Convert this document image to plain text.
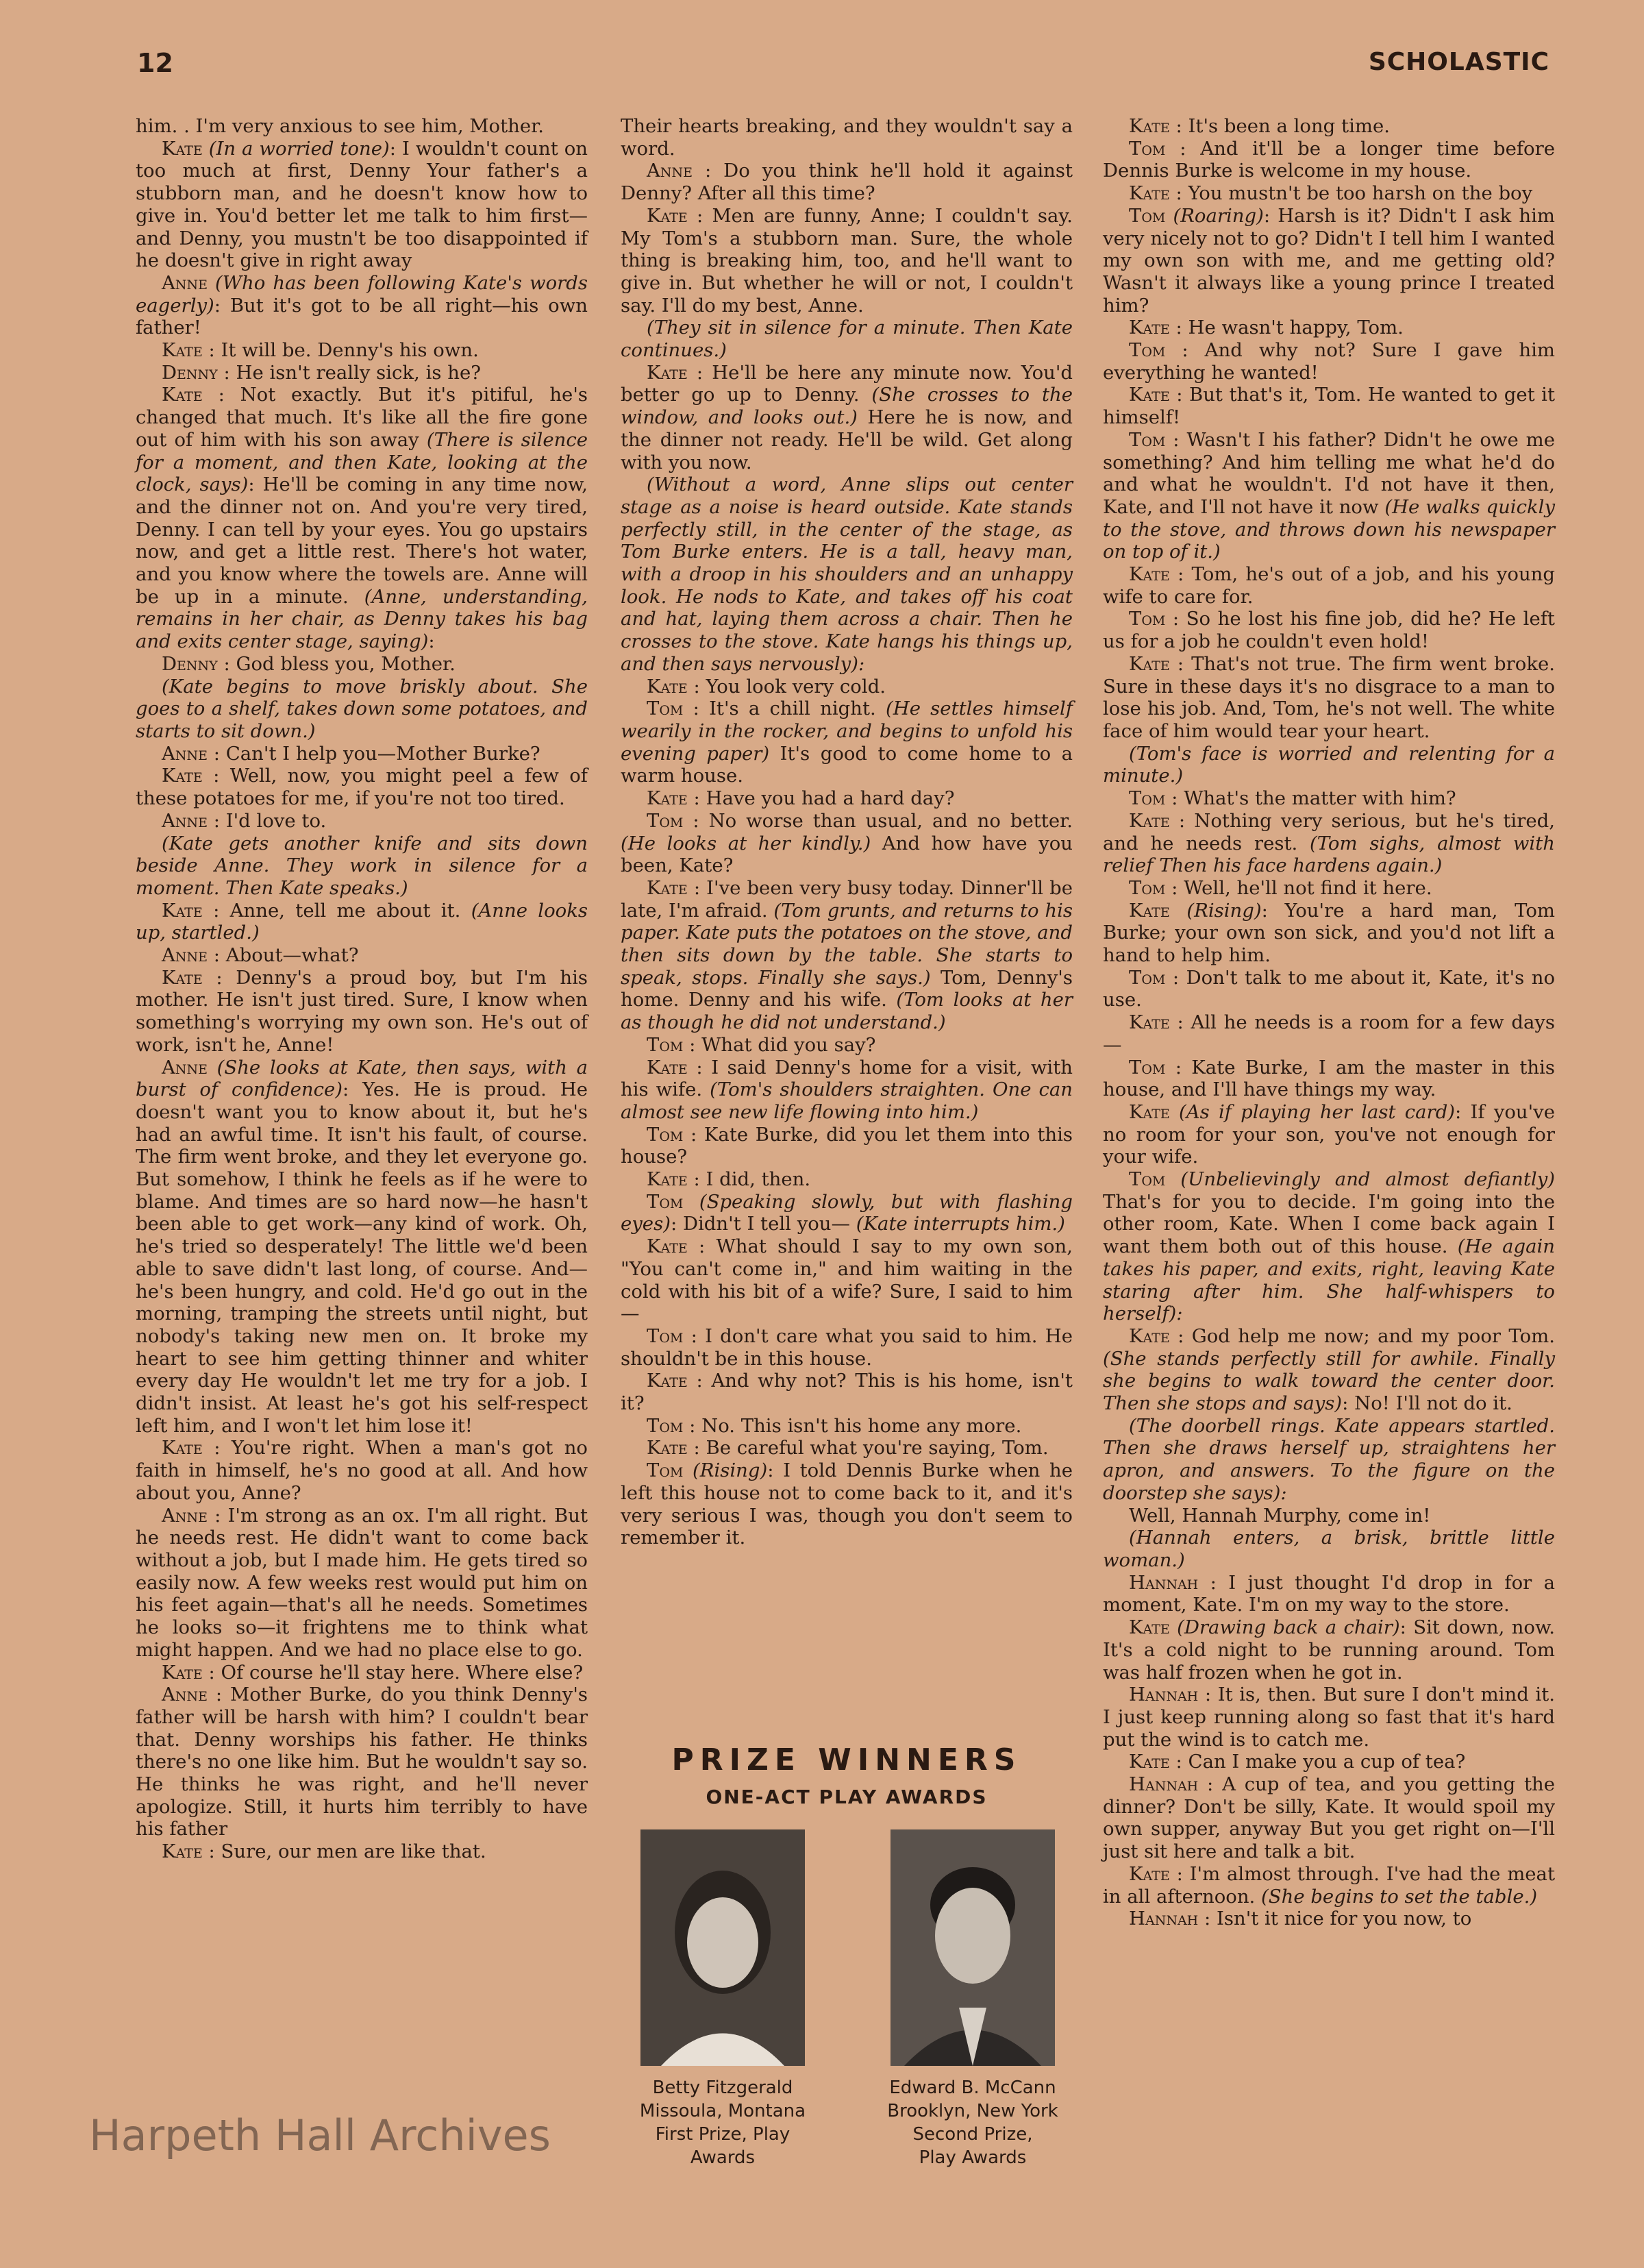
12	SCHOLASTIC

him. . I'm very anxious to see him, Mother.

Kate (In a worried tone): I wouldn't count on too much at first, Denny Your father's a stubborn man, and he doesn't know how to give in. You'd better let me talk to him first—and Denny, you mustn't be too disappointed if he doesn't give in right away

Anne (Who has been following Kate's words eagerly): But it's got to be all right—his own father!

Kate : It will be. Denny's his own.

Denny : He isn't really sick, is he?

Kate : Not exactly. But it's pitiful, he's changed that much. It's like all the fire gone out of him with his son away (There is silence for a moment, and then Kate, looking at the clock, says): He'll be coming in any time now, and the dinner not on. And you're very tired, Denny. I can tell by your eyes. You go upstairs now, and get a little rest. There's hot water, and you know where the towels are. Anne will be up in a minute. (Anne, understanding, remains in her chair, as Denny takes his bag and exits center stage, saying):

Denny : God bless you, Mother.

(Kate begins to move briskly about. She goes to a shelf, takes down some potatoes, and starts to sit down.)

Anne : Can't I help you—Mother Burke?

Kate : Well, now, you might peel a few of these potatoes for me, if you're not too tired.

Anne : I'd love to.

(Kate gets another knife and sits down beside Anne. They work in silence for a moment. Then Kate speaks.)

Kate : Anne, tell me about it. (Anne looks up, startled.)

Anne : About—what?

Kate : Denny's a proud boy, but I'm his mother. He isn't just tired. Sure, I know when something's worrying my own son. He's out of work, isn't he, Anne!

Anne (She looks at Kate, then says, with a burst of confidence): Yes. He is proud. He doesn't want you to know about it, but he's had an awful time. It isn't his fault, of course. The firm went broke, and they let everyone go. But somehow, I think he feels as if he were to blame. And times are so hard now—he hasn't been able to get work—any kind of work. Oh, he's tried so desperately! The little we'd been able to save didn't last long, of course. And—he's been hungry, and cold. He'd go out in the morning, tramping the streets until night, but nobody's taking new men on. It broke my heart to see him getting thinner and whiter every day He wouldn't let me try for a job. I didn't insist. At least he's got his self-respect left him, and I won't let him lose it!

Kate : You're right. When a man's got no faith in himself, he's no good at all. And how about you, Anne?

Anne : I'm strong as an ox. I'm all right. But he needs rest. He didn't want to come back without a job, but I made him. He gets tired so easily now. A few weeks rest would put him on his feet again—that's all he needs. Sometimes he looks so—it frightens me to think what might happen. And we had no place else to go.

Kate : Of course he'll stay here. Where else?

Anne : Mother Burke, do you think Denny's father will be harsh with him? I couldn't bear that. Denny worships his father. He thinks there's no one like him. But he wouldn't say so. He thinks he was right, and he'll never apologize. Still, it hurts him terribly to have his father

Kate : Sure, our men are like that.

Their hearts breaking, and they wouldn't say a word.

Anne : Do you think he'll hold it against Denny? After all this time?

Kate : Men are funny, Anne; I couldn't say. My Tom's a stubborn man. Sure, the whole thing is breaking him, too, and he'll want to give in. But whether he will or not, I couldn't say. I'll do my best, Anne.

(They sit in silence for a minute. Then Kate continues.)

Kate : He'll be here any minute now. You'd better go up to Denny. (She crosses to the window, and looks out.) Here he is now, and the dinner not ready. He'll be wild. Get along with you now.

(Without a word, Anne slips out center stage as a noise is heard outside. Kate stands perfectly still, in the center of the stage, as Tom Burke enters. He is a tall, heavy man, with a droop in his shoulders and an unhappy look. He nods to Kate, and takes off his coat and hat, laying them across a chair. Then he crosses to the stove. Kate hangs his things up, and then says nervously):

Kate : You look very cold.

Tom : It's a chill night. (He settles himself wearily in the rocker, and begins to unfold his evening paper) It's good to come home to a warm house.

Kate : Have you had a hard day?

Tom : No worse than usual, and no better. (He looks at her kindly.) And how have you been, Kate?

Kate : I've been very busy today. Dinner'll be late, I'm afraid. (Tom grunts, and returns to his paper. Kate puts the potatoes on the stove, and then sits down by the table. She starts to speak, stops. Finally she says.) Tom, Denny's home. Denny and his wife. (Tom looks at her as though he did not understand.)

Tom : What did you say?

Kate : I said Denny's home for a visit, with his wife. (Tom's shoulders straighten. One can almost see new life flowing into him.)

Tom : Kate Burke, did you let them into this house?

Kate : I did, then.

Tom (Speaking slowly, but with flashing eyes): Didn't I tell you— (Kate interrupts him.)

Kate : What should I say to my own son, "You can't come in," and him waiting in the cold with his bit of a wife? Sure, I said to him—

Tom : I don't care what you said to him. He shouldn't be in this house.

Kate : And why not? This is his home, isn't it?

Tom : No. This isn't his home any more.

Kate : Be careful what you're saying, Tom.

Tom (Rising): I told Dennis Burke when he left this house not to come back to it, and it's very serious I was, though you don't seem to remember it.

Kate : It's been a long time.

Tom : And it'll be a longer time before Dennis Burke is welcome in my house.

Kate : You mustn't be too harsh on the boy

Tom (Roaring): Harsh is it? Didn't I ask him very nicely not to go? Didn't I tell him I wanted my own son with me, and me getting old? Wasn't it always like a young prince I treated him?

Kate : He wasn't happy, Tom.

Tom : And why not? Sure I gave him everything he wanted!

Kate : But that's it, Tom. He wanted to get it himself!

Tom : Wasn't I his father? Didn't he owe me something? And him telling me what he'd do and what he wouldn't. I'd not have it then, Kate, and I'll not have it now (He walks quickly to the stove, and throws down his newspaper on top of it.)

Kate : Tom, he's out of a job, and his young wife to care for.

Tom : So he lost his fine job, did he? He left us for a job he couldn't even hold!

Kate : That's not true. The firm went broke. Sure in these days it's no disgrace to a man to lose his job. And, Tom, he's not well. The white face of him would tear your heart.

(Tom's face is worried and relenting for a minute.)

Tom : What's the matter with him?

Kate : Nothing very serious, but he's tired, and he needs rest. (Tom sighs, almost with relief Then his face hardens again.)

Tom : Well, he'll not find it here.

Kate (Rising): You're a hard man, Tom Burke; your own son sick, and you'd not lift a hand to help him.

Tom : Don't talk to me about it, Kate, it's no use.

Kate : All he needs is a room for a few days—

Tom : Kate Burke, I am the master in this house, and I'll have things my way.

Kate (As if playing her last card): If you've no room for your son, you've not enough for your wife.

Tom (Unbelievingly and almost defiantly) That's for you to decide. I'm going into the other room, Kate. When I come back again I want them both out of this house. (He again takes his paper, and exits, right, leaving Kate staring after him. She half-whispers to herself):

Kate : God help me now; and my poor Tom. (She stands perfectly still for awhile. Finally she begins to walk toward the center door. Then she stops and says): No! I'll not do it.

(The doorbell rings. Kate appears startled. Then she draws herself up, straightens her apron, and answers. To the figure on the doorstep she says):

Well, Hannah Murphy, come in!

(Hannah enters, a brisk, brittle little woman.)

Hannah : I just thought I'd drop in for a moment, Kate. I'm on my way to the store.

Kate (Drawing back a chair): Sit down, now. It's a cold night to be running around. Tom was half frozen when he got in.

Hannah : It is, then. But sure I don't mind it. I just keep running along so fast that it's hard put the wind is to catch me.

Kate : Can I make you a cup of tea?

Hannah : A cup of tea, and you getting the dinner? Don't be silly, Kate. It would spoil my own supper, anyway But you get right on—I'll just sit here and talk a bit.

Kate : I'm almost through. I've had the meat in all afternoon. (She begins to set the table.)

Hannah : Isn't it nice for you now, to

PRIZE WINNERS
ONE-ACT PLAY AWARDS
Betty Fitzgerald
Missoula, Montana
First Prize, Play
Awards
Edward B. McCann
Brooklyn, New York
Second Prize,
Play Awards
Harpeth Hall Archives
